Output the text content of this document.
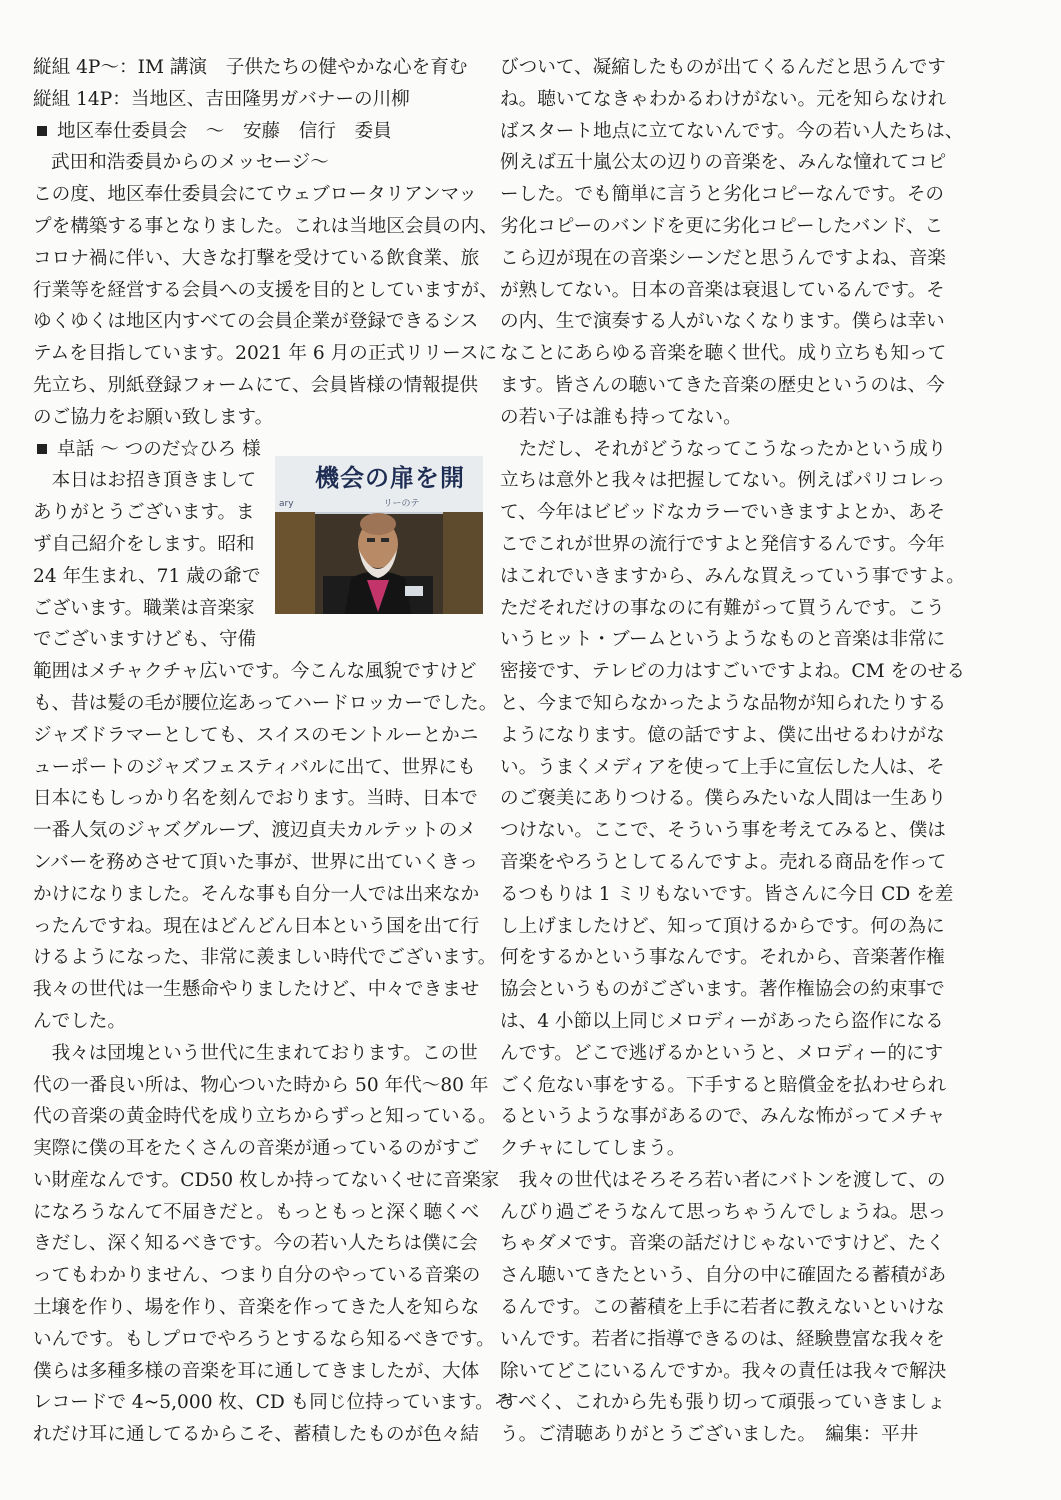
縦組 4P～：IM 講演　子供たちの健やかな心を育む
縦組 14P：当地区、吉田隆男ガバナーの川柳
地区奉仕委員会　～　安藤　信行　委員
武田和浩委員からのメッセージ～
この度、地区奉仕委員会にてウェブロータリアンマッ
プを構築する事となりました。これは当地区会員の内、
コロナ禍に伴い、大きな打撃を受けている飲食業、旅
行業等を経営する会員への支援を目的としていますが、
ゆくゆくは地区内すべての会員企業が登録できるシス
テムを目指しています。2021 年 6 月の正式リリースに
先立ち、別紙登録フォームにて、会員皆様の情報提供
のご協力をお願い致します。
卓話 ～ つのだ☆ひろ 様
　本日はお招き頂きまして
ありがとうございます。ま
ず自己紹介をします。昭和
24 年生まれ、71 歳の爺で
ございます。職業は音楽家
でございますけども、守備
範囲はメチャクチャ広いです。今こんな風貌ですけど
も、昔は髪の毛が腰位迄あってハードロッカーでした。
ジャズドラマーとしても、スイスのモントルーとかニ
ューポートのジャズフェスティバルに出て、世界にも
日本にもしっかり名を刻んでおります。当時、日本で
一番人気のジャズグループ、渡辺貞夫カルテットのメ
ンバーを務めさせて頂いた事が、世界に出ていくきっ
かけになりました。そんな事も自分一人では出来なか
ったんですね。現在はどんどん日本という国を出て行
けるようになった、非常に羨ましい時代でございます。
我々の世代は一生懸命やりましたけど、中々できませ
んでした。
　我々は団塊という世代に生まれております。この世
代の一番良い所は、物心ついた時から 50 年代～80 年
代の音楽の黄金時代を成り立ちからずっと知っている。
実際に僕の耳をたくさんの音楽が通っているのがすご
い財産なんです。CD50 枚しか持ってないくせに音楽家
になろうなんて不届きだと。もっともっと深く聴くべ
きだし、深く知るべきです。今の若い人たちは僕に会
ってもわかりません、つまり自分のやっている音楽の
土壌を作り、場を作り、音楽を作ってきた人を知らな
いんです。もしプロでやろうとするなら知るべきです。
僕らは多種多様の音楽を耳に通してきましたが、大体
レコードで 4~5,000 枚、CD も同じ位持っています。そ
れだけ耳に通してるからこそ、蓄積したものが色々結
機会の扉を開
ary	リーのテ
びついて、凝縮したものが出てくるんだと思うんです
ね。聴いてなきゃわかるわけがない。元を知らなけれ
ばスタート地点に立てないんです。今の若い人たちは、
例えば五十嵐公太の辺りの音楽を、みんな憧れてコピ
ーした。でも簡単に言うと劣化コピーなんです。その
劣化コピーのバンドを更に劣化コピーしたバンド、こ
こら辺が現在の音楽シーンだと思うんですよね、音楽
が熟してない。日本の音楽は衰退しているんです。そ
の内、生で演奏する人がいなくなります。僕らは幸い
なことにあらゆる音楽を聴く世代。成り立ちも知って
ます。皆さんの聴いてきた音楽の歴史というのは、今
の若い子は誰も持ってない。
　ただし、それがどうなってこうなったかという成り
立ちは意外と我々は把握してない。例えばパリコレっ
て、今年はビビッドなカラーでいきますよとか、あそ
こでこれが世界の流行ですよと発信するんです。今年
はこれでいきますから、みんな買えっていう事ですよ。
ただそれだけの事なのに有難がって買うんです。こう
いうヒット・ブームというようなものと音楽は非常に
密接です、テレビの力はすごいですよね。CM をのせる
と、今まで知らなかったような品物が知られたりする
ようになります。億の話ですよ、僕に出せるわけがな
い。うまくメディアを使って上手に宣伝した人は、そ
のご褒美にありつける。僕らみたいな人間は一生あり
つけない。ここで、そういう事を考えてみると、僕は
音楽をやろうとしてるんですよ。売れる商品を作って
るつもりは 1 ミリもないです。皆さんに今日 CD を差
し上げましたけど、知って頂けるからです。何の為に
何をするかという事なんです。それから、音楽著作権
協会というものがございます。著作権協会の約束事で
は、4 小節以上同じメロディーがあったら盗作になる
んです。どこで逃げるかというと、メロディー的にす
ごく危ない事をする。下手すると賠償金を払わせられ
るというような事があるので、みんな怖がってメチャ
クチャにしてしまう。
　我々の世代はそろそろ若い者にバトンを渡して、の
んびり過ごそうなんて思っちゃうんでしょうね。思っ
ちゃダメです。音楽の話だけじゃないですけど、たく
さん聴いてきたという、自分の中に確固たる蓄積があ
るんです。この蓄積を上手に若者に教えないといけな
いんです。若者に指導できるのは、経験豊富な我々を
除いてどこにいるんですか。我々の責任は我々で解決
すべく、これから先も張り切って頑張っていきましょ
う。ご清聴ありがとうございました。　編集：平井
